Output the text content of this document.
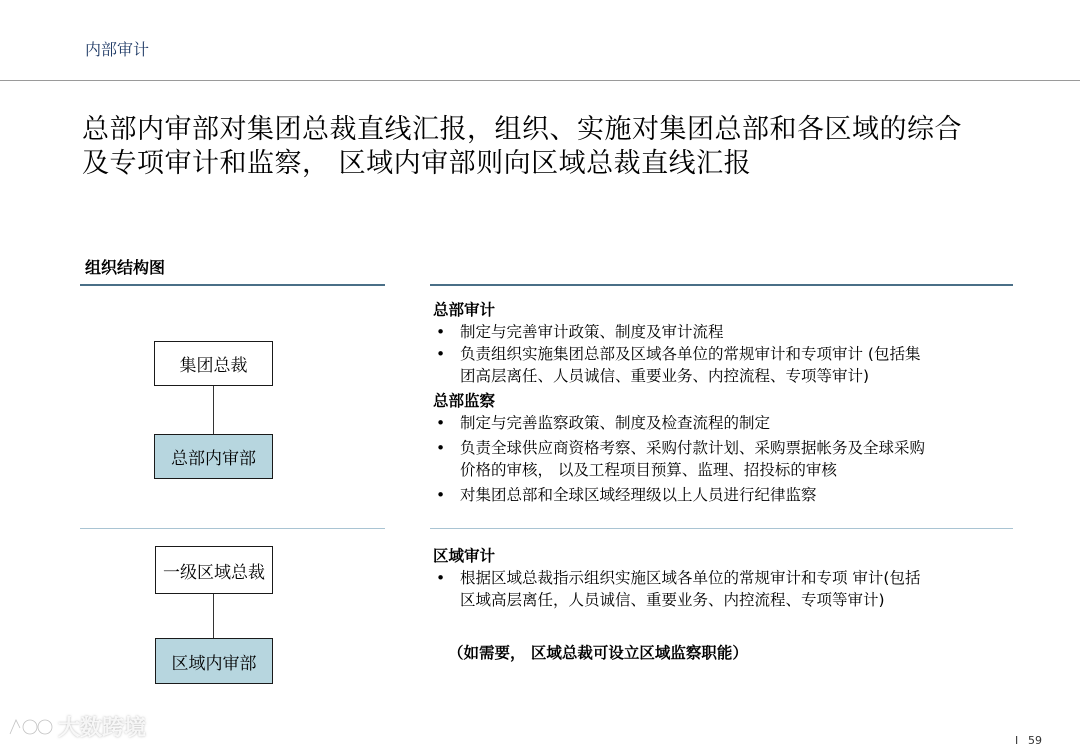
内部审计
总部内审部对集团总裁直线汇报，组织、实施对集团总部和各区域的综合
及专项审计和监察， 区域内审部则向区域总裁直线汇报
组织结构图
集团总裁
总部内审部
一级区域总裁
区域内审部
总部审计
• 制定与完善审计政策、制度及审计流程
• 负责组织实施集团总部及区域各单位的常规审计和专项审计 (包括集
团高层离任、人员诚信、重要业务、内控流程、专项等审计)
总部监察
• 制定与完善监察政策、制度及检查流程的制定
• 负责全球供应商资格考察、采购付款计划、采购票据帐务及全球采购
价格的审核， 以及工程项目预算、监理、招投标的审核
• 对集团总部和全球区域经理级以上人员进行纪律监察
区域审计
• 根据区域总裁指示组织实施区域各单位的常规审计和专项 审计(包括
区域高层离任，人员诚信、重要业务、内控流程、专项等审计)
（如需要， 区域总裁可设立区域监察职能）
大数跨境	I 59
